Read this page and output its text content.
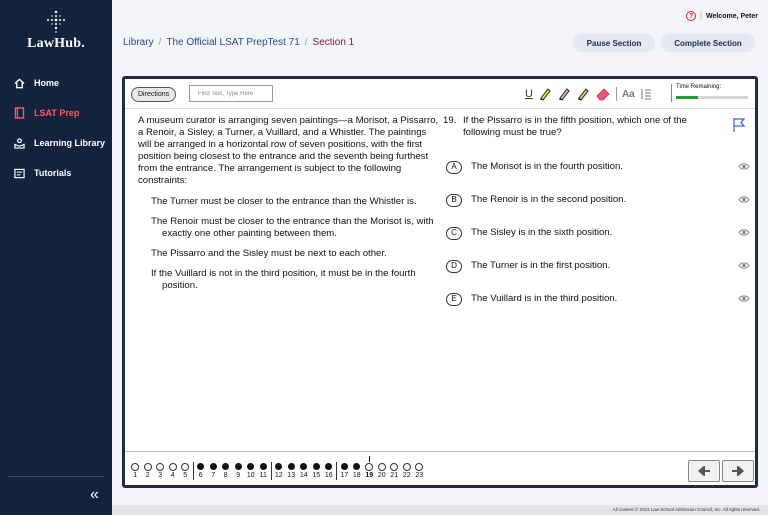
LawHub.
Home
LSAT Prep
Learning Library
Tutorials
«
? | Welcome, Peter
Library / The Official LSAT PrepTest 71 / Section 1	Pause Section	Complete Section
Directions
Find Text, Type Here	U	Aa
Time Remaining:

A museum curator is arranging seven paintings—a Morisot, a Pissarro, a Renoir, a Sisley, a Turner, a Vuillard, and a Whistler. The paintings will be arranged in a horizontal row of seven positions, with the first position being closest to the entrance and the seventh being furthest from the entrance. The arrangement is subject to the following constraints:

The Turner must be closer to the entrance than the Whistler is.

The Renoir must be closer to the entrance than the Morisot is, with exactly one other painting between them.

The Pissarro and the Sisley must be next to each other.

If the Vuillard is not in the third position, it must be in the fourth position.

19. If the Pissarro is in the fifth position, which one of the following must be true?
A	The Morisot is in the fourth position.
B	The Renoir is in the second position.
C	The Sisley is in the sixth position.
D	The Turner is in the first position.
E	The Vuillard is in the third position.
1 2 3 4 5 6 7 8 9 10 11 12 13 14 15 16 17 18 19 20 21 22 23
All content © 2023 Law School Admission Council, Inc. All rights reserved.
